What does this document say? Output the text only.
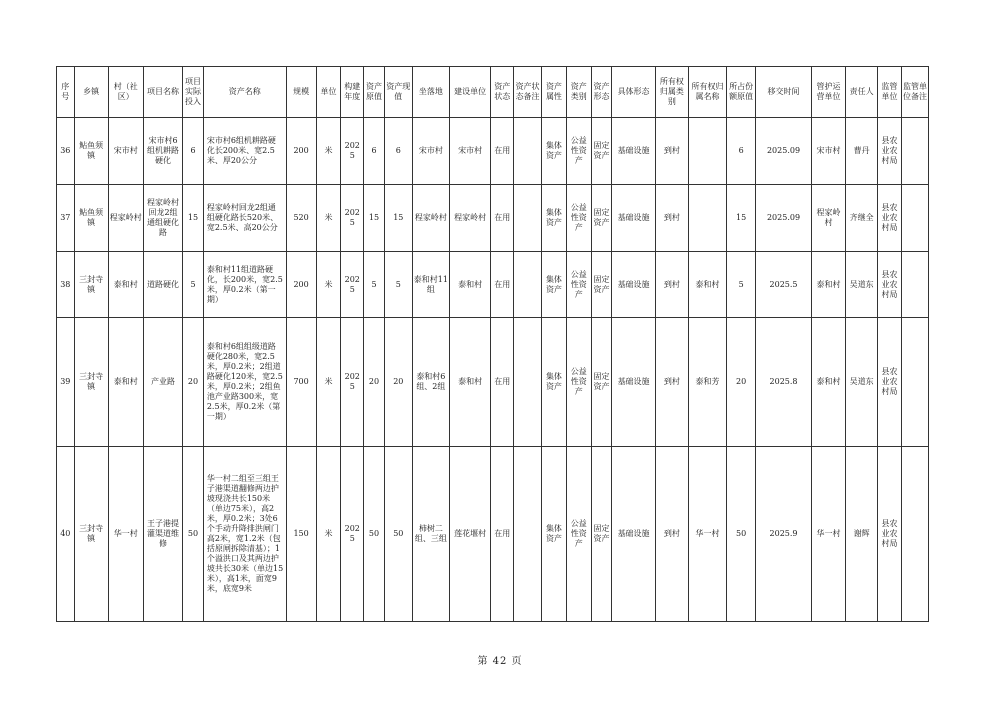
序号	乡镇	村（社区）	项目名称	项目实际投入	资产名称	规模	单位	构建年度	资产原值	资产现值	坐落地	建设单位	资产状态	资产状态备注	资产属性	资产类别	资产形态	具体形态	所有权归属类别	所有权归属名称	所占份额原值	移交时间	管护运营单位	责任人	监管单位	监管单位备注
36	鲇鱼须镇	宋市村	宋市村6组机耕路硬化	6	宋市村6组机耕路硬化长200米、宽2.5米、厚20公分	200	米	2025	6	6	宋市村	宋市村	在用		集体资产	公益性资产	固定资产	基础设施	到村		6	2025.09	宋市村	曹丹	县农业农村局	
37	鲇鱼须镇	程家岭村	程家岭村回龙2组通组硬化路	15	程家岭村回龙2组通组硬化路长520米、宽2.5米、高20公分	520	米	2025	15	15	程家岭村	程家岭村	在用		集体资产	公益性资产	固定资产	基础设施	到村		15	2025.09	程家岭村	齐继全	县农业农村局	
38	三封寺镇	泰和村	道路硬化	5	泰和村11组道路硬化，长200米，宽2.5米，厚0.2米（第一期）	200	米	2025	5	5	泰和村11组	泰和村	在用		集体资产	公益性资产	固定资产	基础设施	到村	泰和村	5	2025.5	泰和村	吴道东	县农业农村局	
39	三封寺镇	泰和村	产业路	20	泰和村6组组级道路硬化280米，宽2.5米，厚0.2米；2组道路硬化120米，宽2.5米，厚0.2米；2组鱼池产业路300米，宽2.5米，厚0.2米（第一期）	700	米	2025	20	20	泰和村6组、2组	泰和村	在用		集体资产	公益性资产	固定资产	基础设施	到村	泰和芳	20	2025.8	泰和村	吴道东	县农业农村局	
40	三封寺镇	华一村	王子港提灌渠道维修	50	华一村二组至三组王子港渠道翻修两边护坡现浇共长150米（单边75米），高2米，厚0.2米；3处6个手动升降排洪闸门高2米，宽1.2米（包括原闸拆除清基）；1个溢洪口及其两边护坡共长30米（单边15米），高1米，面宽9米，底宽9米	150	米	2025	50	50	柿树二组、三组	莲花堰村	在用		集体资产	公益性资产	固定资产	基础设施	到村	华一村	50	2025.9	华一村	谢辉	县农业农村局	
第 42 页
